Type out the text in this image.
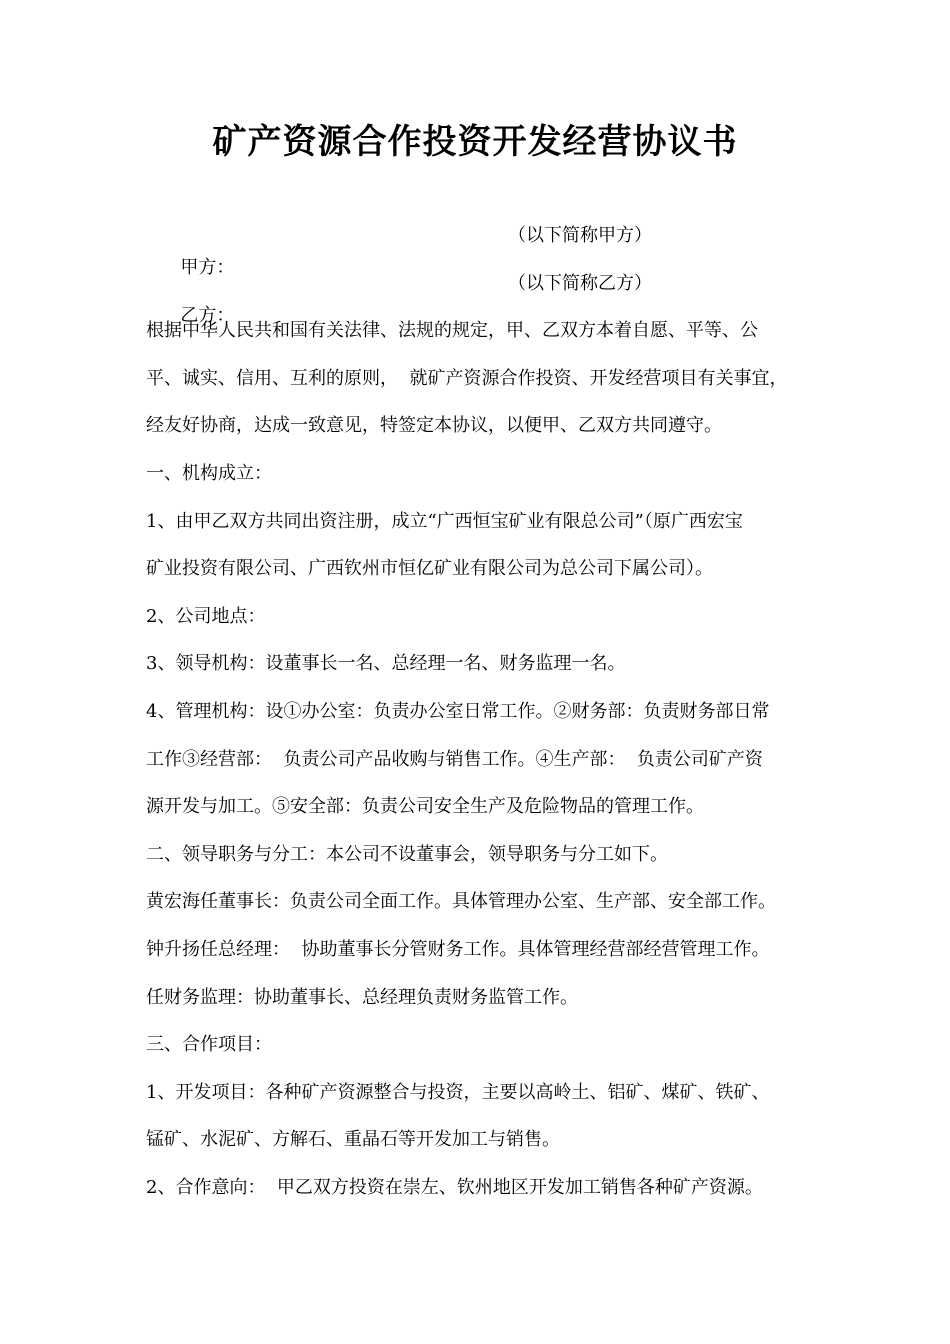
矿产资源合作投资开发经营协议书

甲方：

（以下简称甲方）

乙方：

（以下简称乙方）

根据中华人民共和国有关法律、法规的规定，甲、乙双方本着自愿、平等、公
平、诚实、信用、互利的原则，  就矿产资源合作投资、开发经营项目有关事宜，
经友好协商，达成一致意见，特签定本协议，以便甲、乙双方共同遵守。
一、机构成立：
1、由甲乙双方共同出资注册，成立“广西恒宝矿业有限总公司”（原广西宏宝
矿业投资有限公司、广西钦州市恒亿矿业有限公司为总公司下属公司）。
2、公司地点：
3、领导机构：设董事长一名、总经理一名、财务监理一名。
4、管理机构：设①办公室：负责办公室日常工作。②财务部：负责财务部日常
工作③经营部：  负责公司产品收购与销售工作。④生产部：  负责公司矿产资
源开发与加工。⑤安全部：负责公司安全生产及危险物品的管理工作。
二、领导职务与分工：本公司不设董事会，领导职务与分工如下。
黄宏海任董事长：负责公司全面工作。具体管理办公室、生产部、安全部工作。
钟升扬任总经理：  协助董事长分管财务工作。具体管理经营部经营管理工作。
任财务监理：协助董事长、总经理负责财务监管工作。
三、合作项目：
1、开发项目：各种矿产资源整合与投资，主要以高岭土、铝矿、煤矿、铁矿、
锰矿、水泥矿、方解石、重晶石等开发加工与销售。
2、合作意向：  甲乙双方投资在崇左、钦州地区开发加工销售各种矿产资源。
